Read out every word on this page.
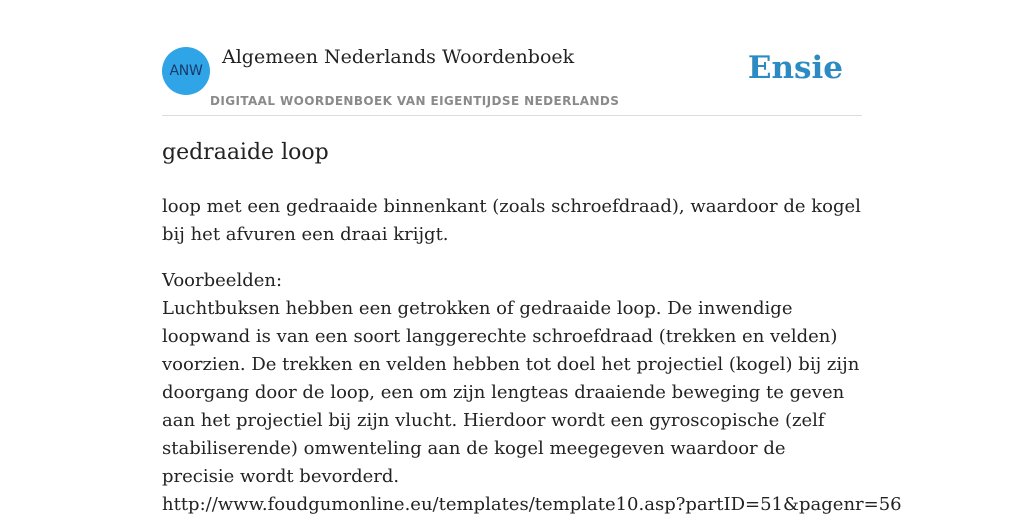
ANW
Algemeen Nederlands Woordenboek
DIGITAAL WOORDENBOEK VAN EIGENTIJDSE NEDERLANDS
Ensie
gedraaide loop
loop met een gedraaide binnenkant (zoals schroefdraad), waardoor de kogel bij het afvuren een draai krijgt.
Voorbeelden:
Luchtbuksen hebben een getrokken of gedraaide loop. De inwendige loopwand is van een soort langgerechte schroefdraad (trekken en velden) voorzien. De trekken en velden hebben tot doel het projectiel (kogel) bij zijn doorgang door de loop, een om zijn lengteas draaiende beweging te geven aan het projectiel bij zijn vlucht. Hierdoor wordt een gyroscopische (zelf stabiliserende) omwenteling aan de kogel meegegeven waardoor de precisie wordt bevorderd.
http://www.foudgumonline.eu/templates/template10.asp?partID=51&pagenr=56
